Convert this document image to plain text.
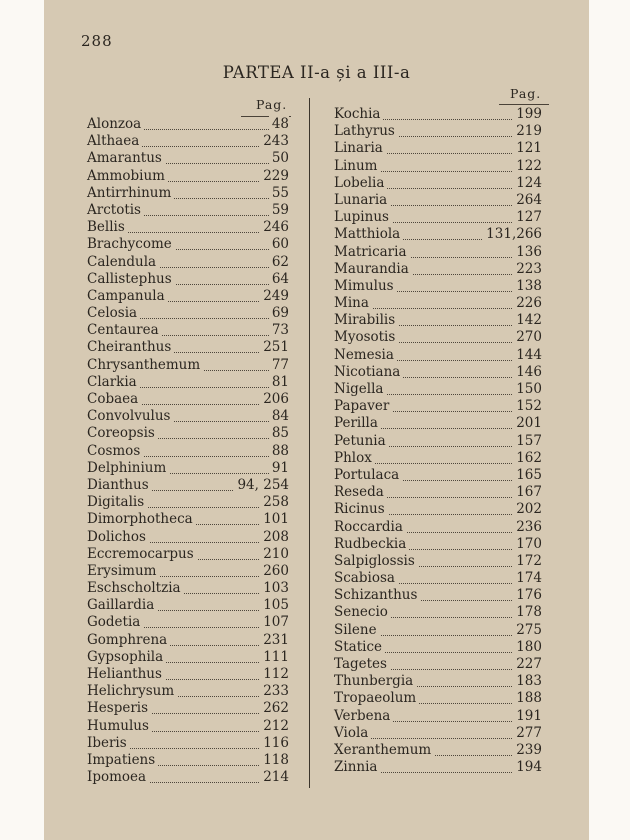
288
PARTEA II-a și a III-a
Pag.
Pag.
Alonzoa	48
Althaea	243
Amarantus	50
Ammobium	229
Antirrhinum	55
Arctotis	59
Bellis	246
Brachycome	60
Calendula	62
Callistephus	64
Campanula	249
Celosia	69
Centaurea	73
Cheiranthus	251
Chrysanthemum	77
Clarkia	81
Cobaea	206
Convolvulus	84
Coreopsis	85
Cosmos	88
Delphinium	91
Dianthus	94, 254
Digitalis	258
Dimorphotheca	101
Dolichos	208
Eccremocarpus	210
Erysimum	260
Eschscholtzia	103
Gaillardia	105
Godetia	107
Gomphrena	231
Gypsophila	111
Helianthus	112
Helichrysum	233
Hesperis	262
Humulus	212
Iberis	116
Impatiens	118
Ipomoea	214
Kochia	199
Lathyrus	219
Linaria	121
Linum	122
Lobelia	124
Lunaria	264
Lupinus	127
Matthiola	131,266
Matricaria	136
Maurandia	223
Mimulus	138
Mina	226
Mirabilis	142
Myosotis	270
Nemesia	144
Nicotiana	146
Nigella	150
Papaver	152
Perilla	201
Petunia	157
Phlox	162
Portulaca	165
Reseda	167
Ricinus	202
Roccardia	236
Rudbeckia	170
Salpiglossis	172
Scabiosa	174
Schizanthus	176
Senecio	178
Silene	275
Statice	180
Tagetes	227
Thunbergia	183
Tropaeolum	188
Verbena	191
Viola	277
Xeranthemum	239
Zinnia	194
